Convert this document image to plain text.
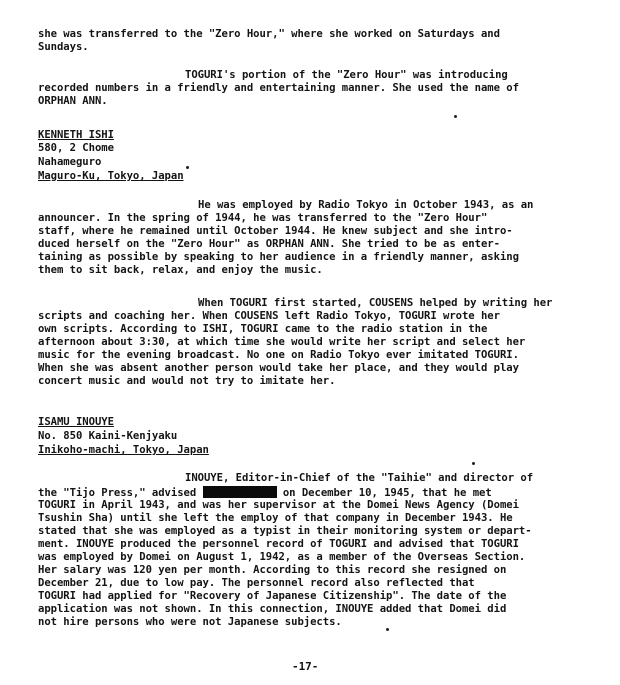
she was transferred to the "Zero Hour," where she worked on Saturdays and

Sundays.

TOGURI's portion of the "Zero Hour" was introducing

recorded numbers in a friendly and entertaining manner. She used the name of

ORPHAN ANN.

KENNETH ISHI

580, 2 Chome

Nahameguro

Maguro-Ku, Tokyo, Japan

He was employed by Radio Tokyo in October 1943, as an

announcer. In the spring of 1944, he was transferred to the "Zero Hour"

staff, where he remained until October 1944. He knew subject and she intro-

duced herself on the "Zero Hour" as ORPHAN ANN. She tried to be as enter-

taining as possible by speaking to her audience in a friendly manner, asking

them to sit back, relax, and enjoy the music.

When TOGURI first started, COUSENS helped by writing her

scripts and coaching her. When COUSENS left Radio Tokyo, TOGURI wrote her

own scripts. According to ISHI, TOGURI came to the radio station in the

afternoon about 3:30, at which time she would write her script and select her

music for the evening broadcast. No one on Radio Tokyo ever imitated TOGURI.

When she was absent another person would take her place, and they would play

concert music and would not try to imitate her.

ISAMU INOUYE

No. 850 Kaini-Kenjyaku

Inikoho-machi, Tokyo, Japan

INOUYE, Editor-in-Chief of the "Taihie" and director of

the "Tijo Press," advised	on December 10, 1945, that he met

TOGURI in April 1943, and was her supervisor at the Domei News Agency (Domei

Tsushin Sha) until she left the employ of that company in December 1943. He

stated that she was employed as a typist in their monitoring system or depart-

ment. INOUYE produced the personnel record of TOGURI and advised that TOGURI

was employed by Domei on August 1, 1942, as a member of the Overseas Section.

Her salary was 120 yen per month. According to this record she resigned on

December 21, due to low pay. The personnel record also reflected that

TOGURI had applied for "Recovery of Japanese Citizenship". The date of the

application was not shown. In this connection, INOUYE added that Domei did

not hire persons who were not Japanese subjects.

-17-
